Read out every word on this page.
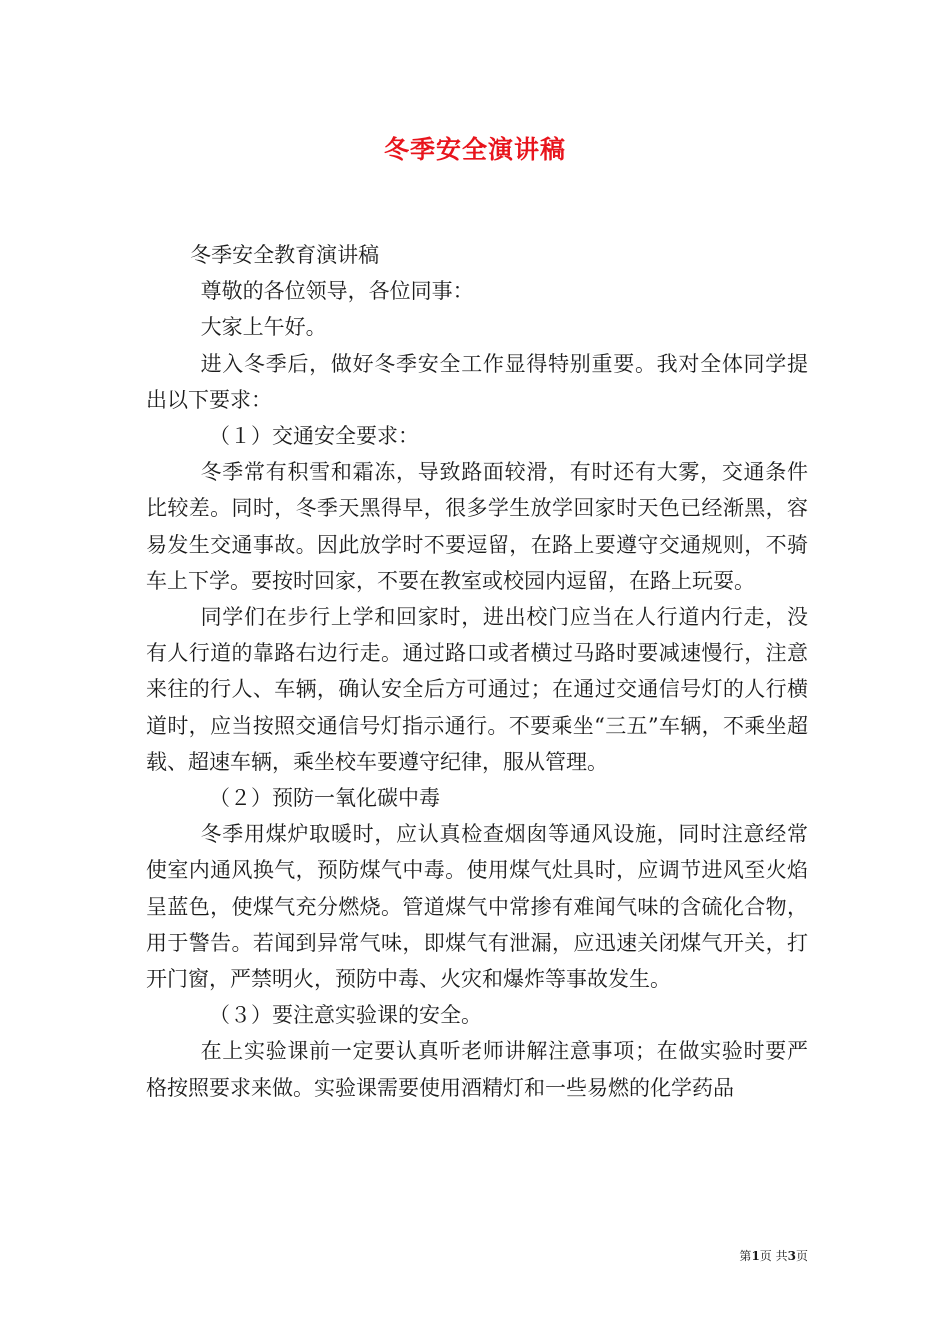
冬季安全演讲稿

冬季安全教育演讲稿

尊敬的各位领导，各位同事：

大家上午好。

进入冬季后，做好冬季安全工作显得特别重要。我对全体同学提出以下要求：

（１）交通安全要求：

冬季常有积雪和霜冻，导致路面较滑，有时还有大雾，交通条件比较差。同时，冬季天黑得早，很多学生放学回家时天色已经渐黑，容易发生交通事故。因此放学时不要逗留，在路上要遵守交通规则，不骑车上下学。要按时回家，不要在教室或校园内逗留，在路上玩耍。

同学们在步行上学和回家时，进出校门应当在人行道内行走，没有人行道的靠路右边行走。通过路口或者横过马路时要减速慢行，注意来往的行人、车辆，确认安全后方可通过；在通过交通信号灯的人行横道时，应当按照交通信号灯指示通行。不要乘坐“三五”车辆，不乘坐超载、超速车辆，乘坐校车要遵守纪律，服从管理。

（２）预防一氧化碳中毒

冬季用煤炉取暖时，应认真检查烟囱等通风设施，同时注意经常使室内通风换气，预防煤气中毒。使用煤气灶具时，应调节进风至火焰呈蓝色，使煤气充分燃烧。管道煤气中常掺有难闻气味的含硫化合物，用于警告。若闻到异常气味，即煤气有泄漏，应迅速关闭煤气开关，打开门窗，严禁明火，预防中毒、火灾和爆炸等事故发生。

（３）要注意实验课的安全。

在上实验课前一定要认真听老师讲解注意事项；在做实验时要严格按照要求来做。实验课需要使用酒精灯和一些易燃的化学药品

第1页 共3页
